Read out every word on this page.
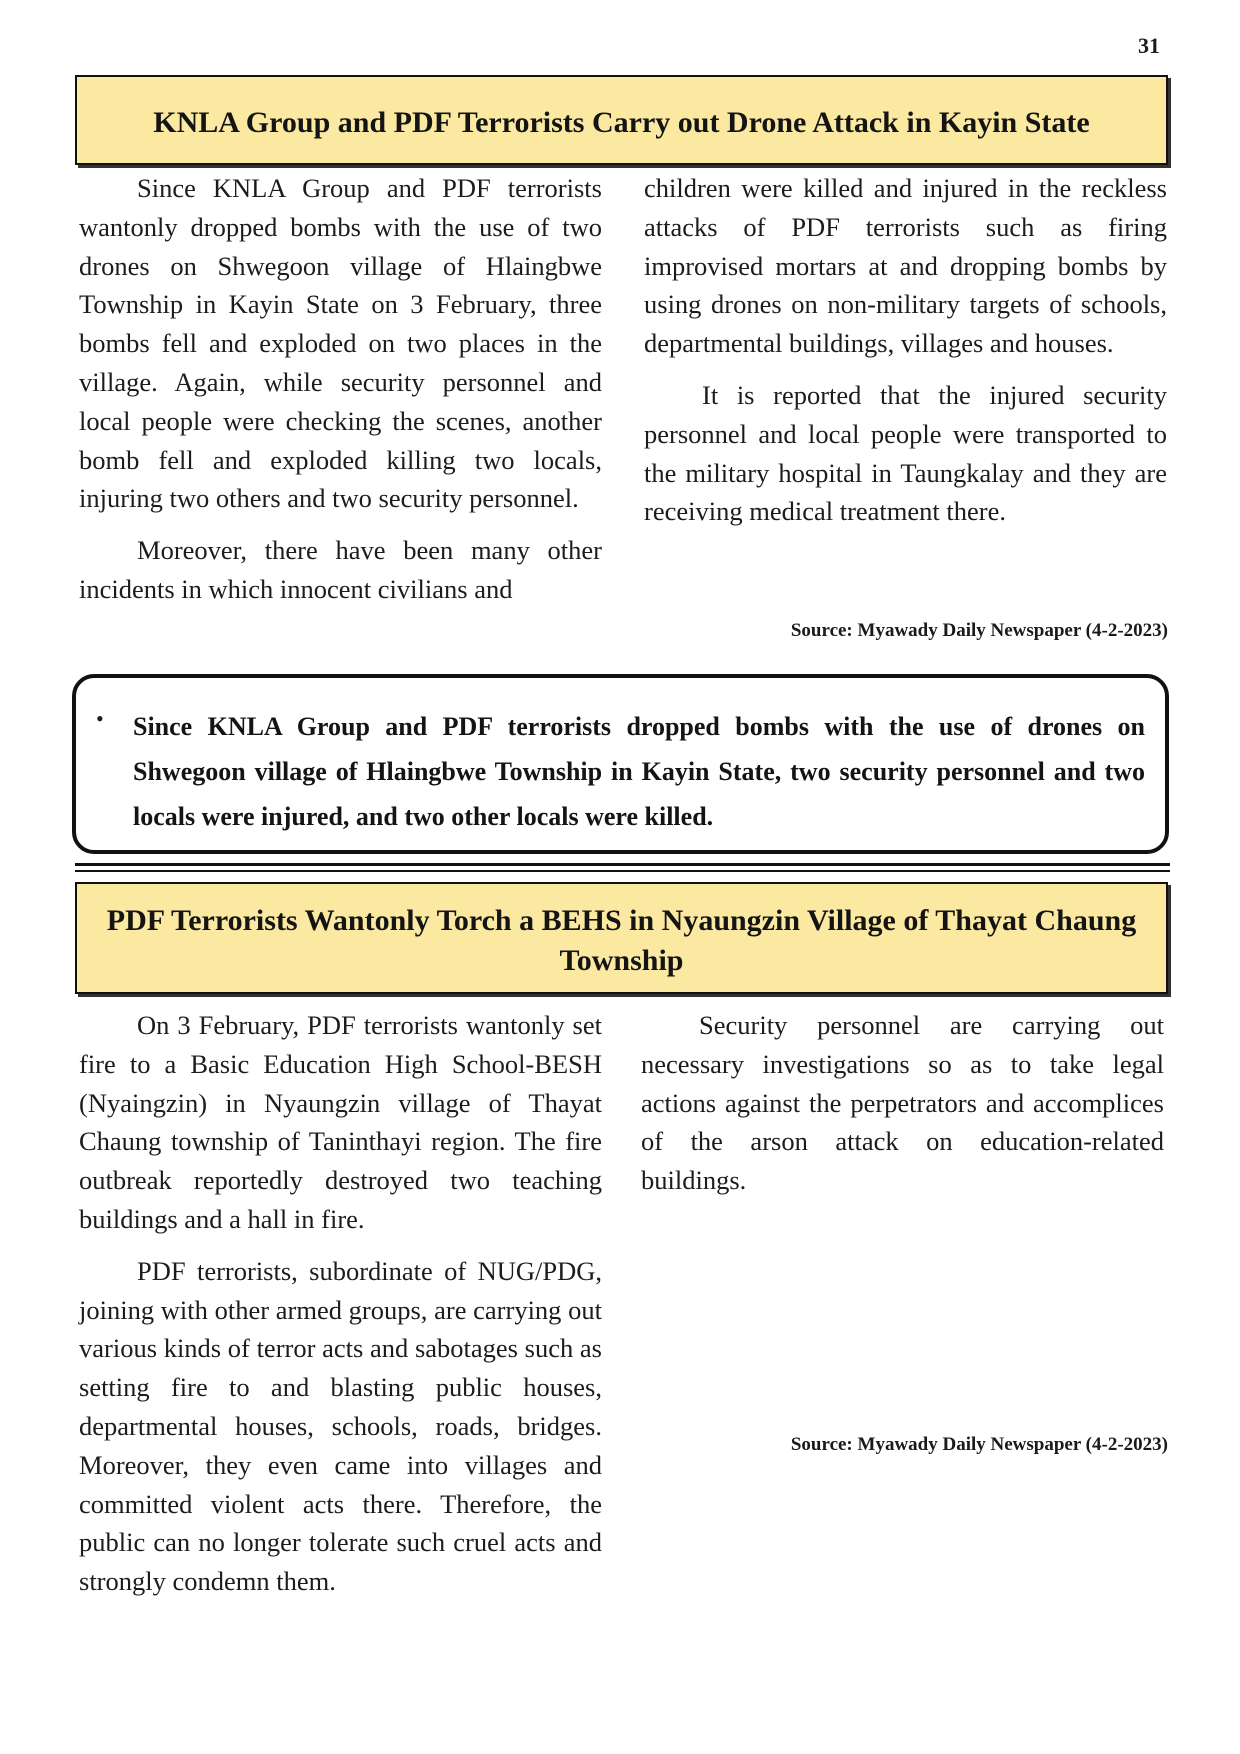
31
KNLA Group and PDF Terrorists Carry out Drone Attack in Kayin State

Since KNLA Group and PDF terrorists wantonly dropped bombs with the use of two drones on Shwegoon village of Hlaingbwe Township in Kayin State on 3 February, three bombs fell and exploded on two places in the village. Again, while security personnel and local people were checking the scenes, another bomb fell and exploded killing two locals, injuring two others and two security personnel.

Moreover, there have been many other incidents in which innocent civilians and

children were killed and injured in the reckless attacks of PDF terrorists such as firing improvised mortars at and dropping bombs by using drones on non-military targets of schools, departmental buildings, villages and houses.

It is reported that the injured security personnel and local people were transported to the military hospital in Taungkalay and they are receiving medical treatment there.

Source: Myawady Daily Newspaper (4-2-2023)
• Since KNLA Group and PDF terrorists dropped bombs with the use of drones on Shwegoon village of Hlaingbwe Township in Kayin State, two security personnel and two locals were injured, and two other locals were killed.
PDF Terrorists Wantonly Torch a BEHS in Nyaungzin Village of Thayat Chaung Township

On 3 February, PDF terrorists wantonly set fire to a Basic Education High School-BESH (Nyaingzin) in Nyaungzin village of Thayat Chaung township of Taninthayi region. The fire outbreak reportedly destroyed two teaching buildings and a hall in fire.

PDF terrorists, subordinate of NUG/PDG, joining with other armed groups, are carrying out various kinds of terror acts and sabotages such as setting fire to and blasting public houses, departmental houses, schools, roads, bridges. Moreover, they even came into villages and committed violent acts there. Therefore, the public can no longer tolerate such cruel acts and strongly condemn them.

Security personnel are carrying out necessary investigations so as to take legal actions against the perpetrators and accomplices of the arson attack on education-related buildings.

Source: Myawady Daily Newspaper (4-2-2023)
